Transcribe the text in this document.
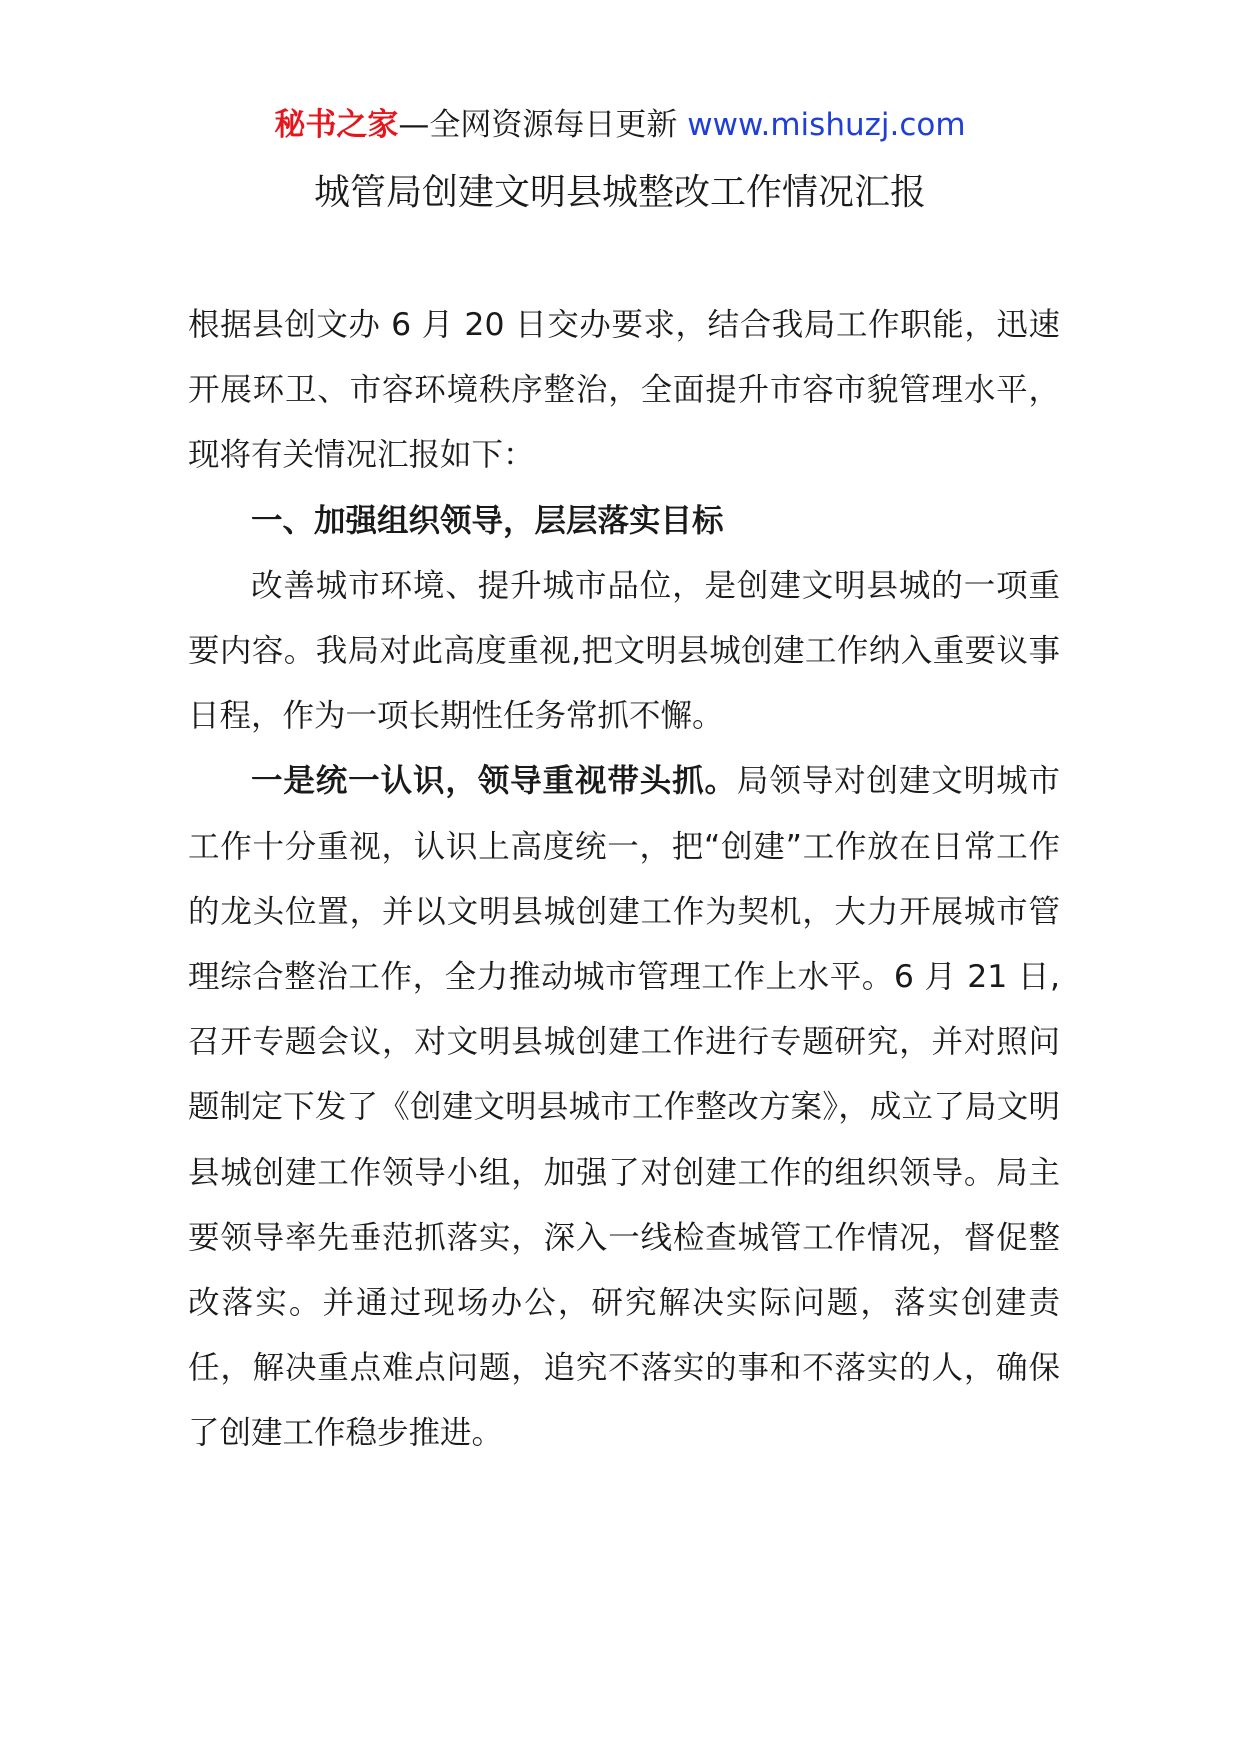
秘书之家—全网资源每日更新 www.mishuzj.com
城管局创建文明县城整改工作情况汇报

根据县创文办 6 月 20 日交办要求，结合我局工作职能，迅速开展环卫、市容环境秩序整治，全面提升市容市貌管理水平，现将有关情况汇报如下：

一、加强组织领导，层层落实目标

改善城市环境、提升城市品位，是创建文明县城的一项重要内容。我局对此高度重视,把文明县城创建工作纳入重要议事日程，作为一项长期性任务常抓不懈。

一是统一认识，领导重视带头抓。局领导对创建文明城市工作十分重视，认识上高度统一，把“创建”工作放在日常工作的龙头位置，并以文明县城创建工作为契机，大力开展城市管理综合整治工作，全力推动城市管理工作上水平。6 月 21 日,召开专题会议，对文明县城创建工作进行专题研究，并对照问题制定下发了《创建文明县城市工作整改方案》，成立了局文明县城创建工作领导小组，加强了对创建工作的组织领导。局主要领导率先垂范抓落实，深入一线检查城管工作情况，督促整改落实。并通过现场办公，研究解决实际问题，落实创建责任，解决重点难点问题，追究不落实的事和不落实的人，确保了创建工作稳步推进。
